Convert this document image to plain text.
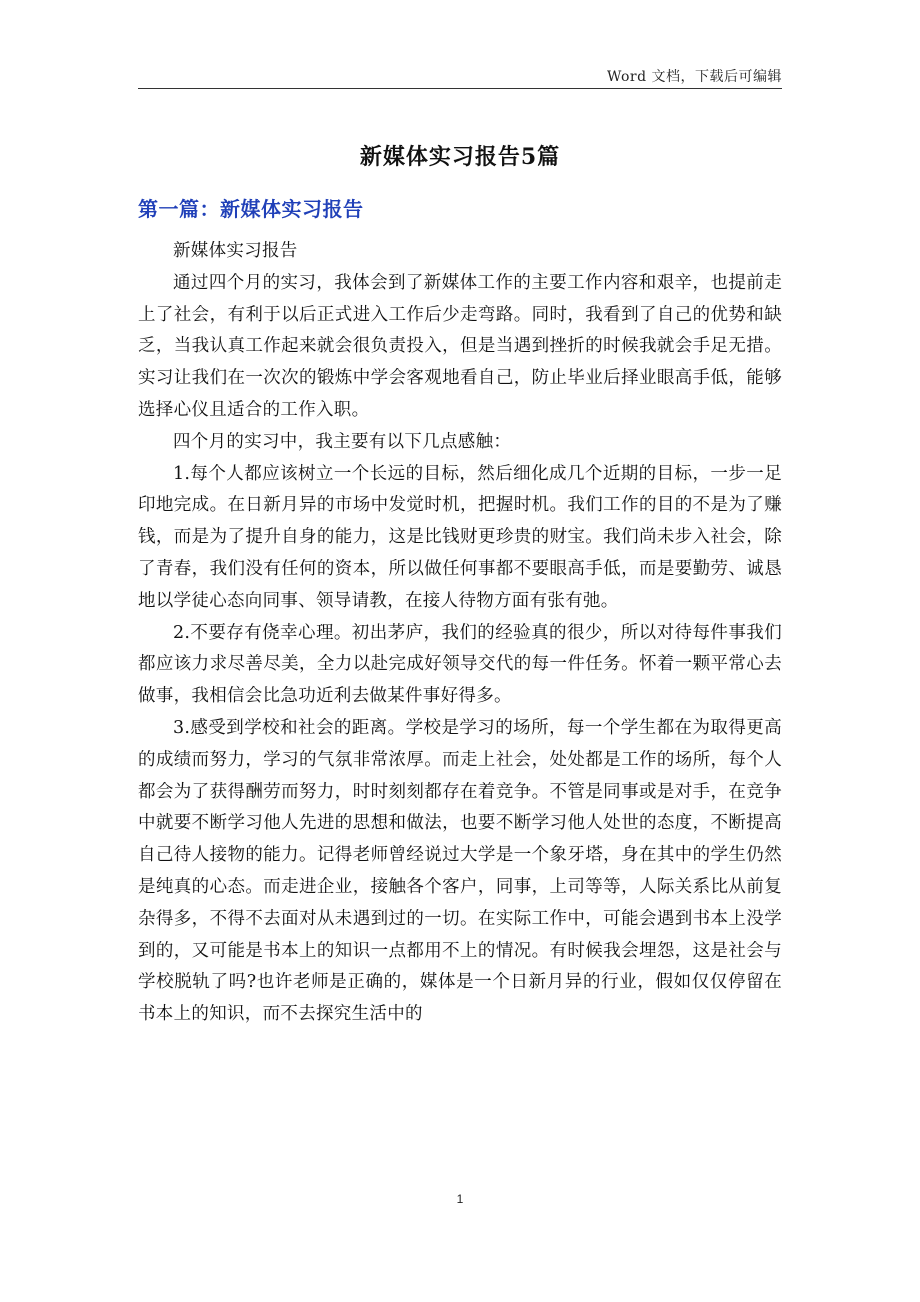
Word 文档，下载后可编辑
新媒体实习报告5篇
第一篇：新媒体实习报告

新媒体实习报告

通过四个月的实习，我体会到了新媒体工作的主要工作内容和艰辛，也提前走上了社会，有利于以后正式进入工作后少走弯路。同时，我看到了自己的优势和缺乏，当我认真工作起来就会很负责投入，但是当遇到挫折的时候我就会手足无措。实习让我们在一次次的锻炼中学会客观地看自己，防止毕业后择业眼高手低，能够选择心仪且适合的工作入职。

四个月的实习中，我主要有以下几点感触：

1.每个人都应该树立一个长远的目标，然后细化成几个近期的目标，一步一足印地完成。在日新月异的市场中发觉时机，把握时机。我们工作的目的不是为了赚钱，而是为了提升自身的能力，这是比钱财更珍贵的财宝。我们尚未步入社会，除了青春，我们没有任何的资本，所以做任何事都不要眼高手低，而是要勤劳、诚恳地以学徒心态向同事、领导请教，在接人待物方面有张有弛。

2.不要存有侥幸心理。初出茅庐，我们的经验真的很少，所以对待每件事我们都应该力求尽善尽美，全力以赴完成好领导交代的每一件任务。怀着一颗平常心去做事，我相信会比急功近利去做某件事好得多。

3.感受到学校和社会的距离。学校是学习的场所，每一个学生都在为取得更高的成绩而努力，学习的气氛非常浓厚。而走上社会，处处都是工作的场所，每个人都会为了获得酬劳而努力，时时刻刻都存在着竞争。不管是同事或是对手，在竞争中就要不断学习他人先进的思想和做法，也要不断学习他人处世的态度，不断提高自己待人接物的能力。记得老师曾经说过大学是一个象牙塔，身在其中的学生仍然是纯真的心态。而走进企业，接触各个客户，同事，上司等等，人际关系比从前复杂得多，不得不去面对从未遇到过的一切。在实际工作中，可能会遇到书本上没学到的，又可能是书本上的知识一点都用不上的情况。有时候我会埋怨，这是社会与学校脱轨了吗?也许老师是正确的，媒体是一个日新月异的行业，假如仅仅停留在书本上的知识，而不去探究生活中的

1
